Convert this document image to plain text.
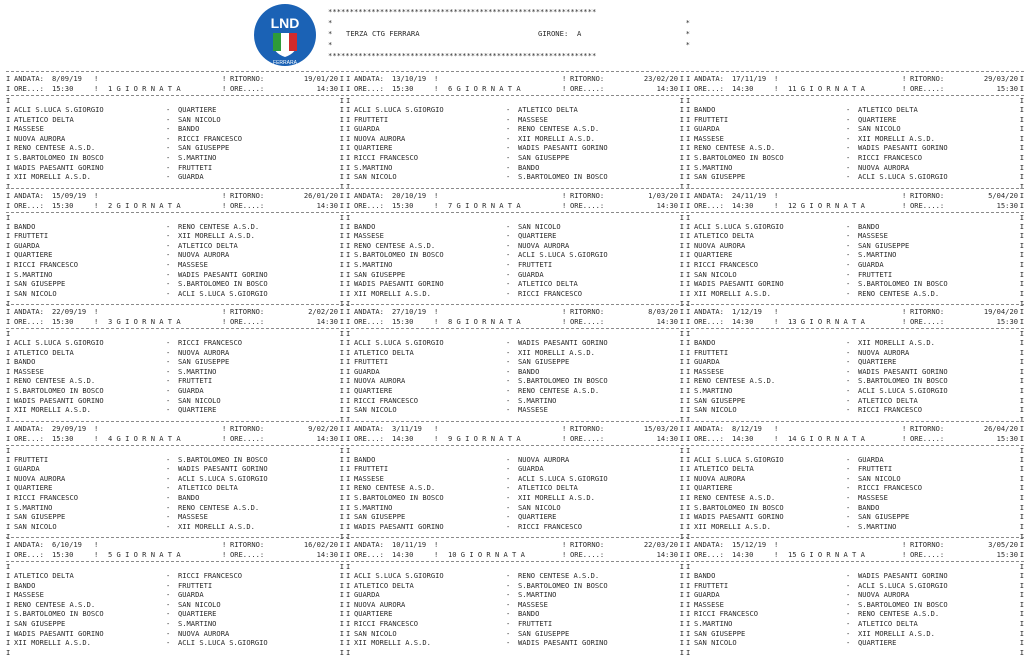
LND
FERRARA
**************************************************************
*	*
* TERZA CTG FERRARA	GIRONE: A	*
*	*
**************************************************************
I ANDATA: 8/09/19 !	! RITORNO:	19/01/20 I
I ORE...: 15:30	! 1 G I O R N A T A	! ORE....:	14:30 I
I	I
I ACLI S.LUCA S.GIORGIO	- QUARTIERE	I
I ATLETICO DELTA	- SAN NICOLO	I
I MASSESE	- BANDO	I
I NUOVA AURORA	- RICCI FRANCESCO	I
I RENO CENTESE A.S.D.	- SAN GIUSEPPE	I
I S.BARTOLOMEO IN BOSCO	- S.MARTINO	I
I WADIS PAESANTI GORINO	- FRUTTETI	I
I XII MORELLI A.S.D.	- GUARDA	I
I	I
I ANDATA: 15/09/19 !	! RITORNO:	26/01/20 I
I ORE...: 15:30	! 2 G I O R N A T A	! ORE....:	14:30 I
I	I
I BANDO	- RENO CENTESE A.S.D.	I
I FRUTTETI	- XII MORELLI A.S.D.	I
I GUARDA	- ATLETICO DELTA	I
I QUARTIERE	- NUOVA AURORA	I
I RICCI FRANCESCO	- MASSESE	I
I S.MARTINO	- WADIS PAESANTI GORINO	I
I SAN GIUSEPPE	- S.BARTOLOMEO IN BOSCO	I
I SAN NICOLO	- ACLI S.LUCA S.GIORGIO	I
I	I
I ANDATA: 22/09/19 !	! RITORNO:	2/02/20 I
I ORE...: 15:30	! 3 G I O R N A T A	! ORE....:	14:30 I
I	I
I ACLI S.LUCA S.GIORGIO	- RICCI FRANCESCO	I
I ATLETICO DELTA	- NUOVA AURORA	I
I BANDO	- SAN GIUSEPPE	I
I MASSESE	- S.MARTINO	I
I RENO CENTESE A.S.D.	- FRUTTETI	I
I S.BARTOLOMEO IN BOSCO	- GUARDA	I
I WADIS PAESANTI GORINO	- SAN NICOLO	I
I XII MORELLI A.S.D.	- QUARTIERE	I
I	I
I ANDATA: 29/09/19 !	! RITORNO:	9/02/20 I
I ORE...: 15:30	! 4 G I O R N A T A	! ORE....:	14:30 I
I	I
I FRUTTETI	- S.BARTOLOMEO IN BOSCO	I
I GUARDA	- WADIS PAESANTI GORINO	I
I NUOVA AURORA	- ACLI S.LUCA S.GIORGIO	I
I QUARTIERE	- ATLETICO DELTA	I
I RICCI FRANCESCO	- BANDO	I
I S.MARTINO	- RENO CENTESE A.S.D.	I
I SAN GIUSEPPE	- MASSESE	I
I SAN NICOLO	- XII MORELLI A.S.D.	I
I	I
I ANDATA: 6/10/19 !	! RITORNO:	16/02/20 I
I ORE...: 15:30	! 5 G I O R N A T A	! ORE....:	14:30 I
I	I
I ATLETICO DELTA	- RICCI FRANCESCO	I
I BANDO	- FRUTTETI	I
I MASSESE	- GUARDA	I
I RENO CENTESE A.S.D.	- SAN NICOLO	I
I S.BARTOLOMEO IN BOSCO	- QUARTIERE	I
I SAN GIUSEPPE	- S.MARTINO	I
I WADIS PAESANTI GORINO	- NUOVA AURORA	I
I XII MORELLI A.S.D.	- ACLI S.LUCA S.GIORGIO	I
I	I
I ANDATA: 13/10/19 !	! RITORNO:	23/02/20 I
I ORE...: 15:30	! 6 G I O R N A T A	! ORE....:	14:30 I
I	I
I ACLI S.LUCA S.GIORGIO	- ATLETICO DELTA	I
I FRUTTETI	- MASSESE	I
I GUARDA	- RENO CENTESE A.S.D.	I
I NUOVA AURORA	- XII MORELLI A.S.D.	I
I QUARTIERE	- WADIS PAESANTI GORINO	I
I RICCI FRANCESCO	- SAN GIUSEPPE	I
I S.MARTINO	- BANDO	I
I SAN NICOLO	- S.BARTOLOMEO IN BOSCO	I
I	I
I ANDATA: 20/10/19 !	! RITORNO:	1/03/20 I
I ORE...: 15:30	! 7 G I O R N A T A	! ORE....:	14:30 I
I	I
I BANDO	- SAN NICOLO	I
I MASSESE	- QUARTIERE	I
I RENO CENTESE A.S.D.	- NUOVA AURORA	I
I S.BARTOLOMEO IN BOSCO	- ACLI S.LUCA S.GIORGIO	I
I S.MARTINO	- FRUTTETI	I
I SAN GIUSEPPE	- GUARDA	I
I WADIS PAESANTI GORINO	- ATLETICO DELTA	I
I XII MORELLI A.S.D.	- RICCI FRANCESCO	I
I	I
I ANDATA: 27/10/19 !	! RITORNO:	8/03/20 I
I ORE...: 15:30	! 8 G I O R N A T A	! ORE....:	14:30 I
I	I
I ACLI S.LUCA S.GIORGIO	- WADIS PAESANTI GORINO	I
I ATLETICO DELTA	- XII MORELLI A.S.D.	I
I FRUTTETI	- SAN GIUSEPPE	I
I GUARDA	- BANDO	I
I NUOVA AURORA	- S.BARTOLOMEO IN BOSCO	I
I QUARTIERE	- RENO CENTESE A.S.D.	I
I RICCI FRANCESCO	- S.MARTINO	I
I SAN NICOLO	- MASSESE	I
I	I
I ANDATA: 3/11/19 !	! RITORNO:	15/03/20 I
I ORE...: 14:30	! 9 G I O R N A T A	! ORE....:	14:30 I
I	I
I BANDO	- NUOVA AURORA	I
I FRUTTETI	- GUARDA	I
I MASSESE	- ACLI S.LUCA S.GIORGIO	I
I RENO CENTESE A.S.D.	- ATLETICO DELTA	I
I S.BARTOLOMEO IN BOSCO	- XII MORELLI A.S.D.	I
I S.MARTINO	- SAN NICOLO	I
I SAN GIUSEPPE	- QUARTIERE	I
I WADIS PAESANTI GORINO	- RICCI FRANCESCO	I
I	I
I ANDATA: 10/11/19 !	! RITORNO:	22/03/20 I
I ORE...: 14:30	! 10 G I O R N A T A	! ORE....:	14:30 I
I	I
I ACLI S.LUCA S.GIORGIO	- RENO CENTESE A.S.D.	I
I ATLETICO DELTA	- S.BARTOLOMEO IN BOSCO	I
I GUARDA	- S.MARTINO	I
I NUOVA AURORA	- MASSESE	I
I QUARTIERE	- BANDO	I
I RICCI FRANCESCO	- FRUTTETI	I
I SAN NICOLO	- SAN GIUSEPPE	I
I XII MORELLI A.S.D.	- WADIS PAESANTI GORINO	I
I	I
I ANDATA: 17/11/19 !	! RITORNO:	29/03/20 I
I ORE...: 14:30	! 11 G I O R N A T A	! ORE....:	15:30 I
I	I
I BANDO	- ATLETICO DELTA	I
I FRUTTETI	- QUARTIERE	I
I GUARDA	- SAN NICOLO	I
I MASSESE	- XII MORELLI A.S.D.	I
I RENO CENTESE A.S.D.	- WADIS PAESANTI GORINO	I
I S.BARTOLOMEO IN BOSCO	- RICCI FRANCESCO	I
I S.MARTINO	- NUOVA AURORA	I
I SAN GIUSEPPE	- ACLI S.LUCA S.GIORGIO	I
I	I
I ANDATA: 24/11/19 !	! RITORNO:	5/04/20 I
I ORE...: 14:30	! 12 G I O R N A T A	! ORE....:	15:30 I
I	I
I ACLI S.LUCA S.GIORGIO	- BANDO	I
I ATLETICO DELTA	- MASSESE	I
I NUOVA AURORA	- SAN GIUSEPPE	I
I QUARTIERE	- S.MARTINO	I
I RICCI FRANCESCO	- GUARDA	I
I SAN NICOLO	- FRUTTETI	I
I WADIS PAESANTI GORINO	- S.BARTOLOMEO IN BOSCO	I
I XII MORELLI A.S.D.	- RENO CENTESE A.S.D.	I
I	I
I ANDATA: 1/12/19 !	! RITORNO:	19/04/20 I
I ORE...: 14:30	! 13 G I O R N A T A	! ORE....:	15:30 I
I	I
I BANDO	- XII MORELLI A.S.D.	I
I FRUTTETI	- NUOVA AURORA	I
I GUARDA	- QUARTIERE	I
I MASSESE	- WADIS PAESANTI GORINO	I
I RENO CENTESE A.S.D.	- S.BARTOLOMEO IN BOSCO	I
I S.MARTINO	- ACLI S.LUCA S.GIORGIO	I
I SAN GIUSEPPE	- ATLETICO DELTA	I
I SAN NICOLO	- RICCI FRANCESCO	I
I	I
I ANDATA: 8/12/19 !	! RITORNO:	26/04/20 I
I ORE...: 14:30	! 14 G I O R N A T A	! ORE....:	15:30 I
I	I
I ACLI S.LUCA S.GIORGIO	- GUARDA	I
I ATLETICO DELTA	- FRUTTETI	I
I NUOVA AURORA	- SAN NICOLO	I
I QUARTIERE	- RICCI FRANCESCO	I
I RENO CENTESE A.S.D.	- MASSESE	I
I S.BARTOLOMEO IN BOSCO	- BANDO	I
I WADIS PAESANTI GORINO	- SAN GIUSEPPE	I
I XII MORELLI A.S.D.	- S.MARTINO	I
I	I
I ANDATA: 15/12/19 !	! RITORNO:	3/05/20 I
I ORE...: 14:30	! 15 G I O R N A T A	! ORE....:	15:30 I
I	I
I BANDO	- WADIS PAESANTI GORINO	I
I FRUTTETI	- ACLI S.LUCA S.GIORGIO	I
I GUARDA	- NUOVA AURORA	I
I MASSESE	- S.BARTOLOMEO IN BOSCO	I
I RICCI FRANCESCO	- RENO CENTESE A.S.D.	I
I S.MARTINO	- ATLETICO DELTA	I
I SAN GIUSEPPE	- XII MORELLI A.S.D.	I
I SAN NICOLO	- QUARTIERE	I
I	I
